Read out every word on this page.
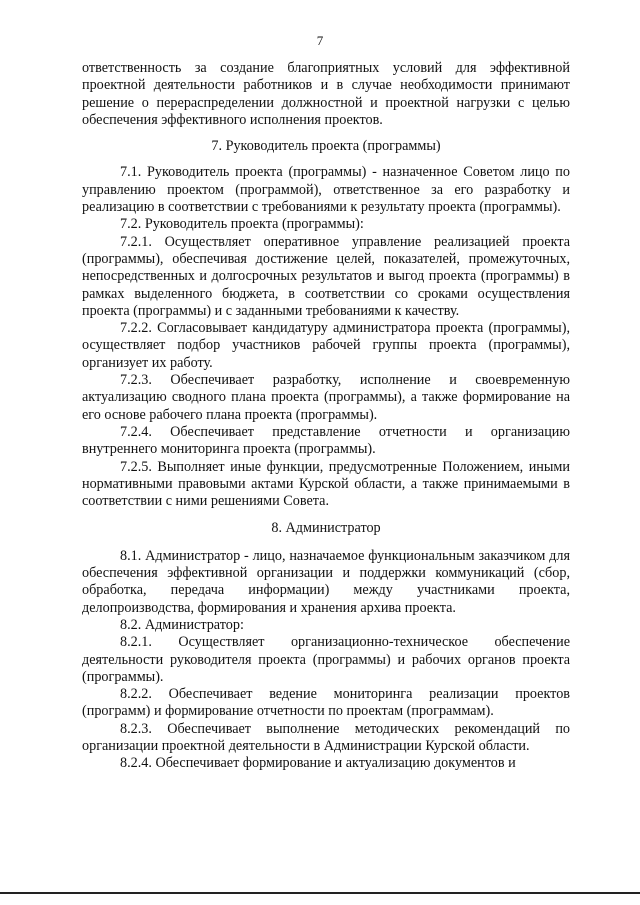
7

ответственность за создание благоприятных условий для эффективной проектной деятельности работников и в случае необходимости принимают решение о перераспределении должностной и проектной нагрузки с целью обеспечения эффективного исполнения проектов.

7. Руководитель проекта (программы)

7.1. Руководитель проекта (программы) - назначенное Советом лицо по управлению проектом (программой), ответственное за его разработку и реализацию в соответствии с требованиями к результату проекта (программы).

7.2. Руководитель проекта (программы):

7.2.1. Осуществляет оперативное управление реализацией проекта (программы), обеспечивая достижение целей, показателей, промежуточных, непосредственных и долгосрочных результатов и выгод проекта (программы) в рамках выделенного бюджета, в соответствии со сроками осуществления проекта (программы) и с заданными требованиями к качеству.

7.2.2. Согласовывает кандидатуру администратора проекта (программы), осуществляет подбор участников рабочей группы проекта (программы), организует их работу.

7.2.3. Обеспечивает разработку, исполнение и своевременную актуализацию сводного плана проекта (программы), а также формирование на его основе рабочего плана проекта (программы).

7.2.4. Обеспечивает представление отчетности и организацию внутреннего мониторинга проекта (программы).

7.2.5. Выполняет иные функции, предусмотренные Положением, иными нормативными правовыми актами Курской области, а также принимаемыми в соответствии с ними решениями Совета.

8. Администратор

8.1. Администратор - лицо, назначаемое функциональным заказчиком для обеспечения эффективной организации и поддержки коммуникаций (сбор, обработка, передача информации) между участниками проекта, делопроизводства, формирования и хранения архива проекта.

8.2. Администратор:

8.2.1. Осуществляет организационно-техническое обеспечение деятельности руководителя проекта (программы) и рабочих органов проекта (программы).

8.2.2. Обеспечивает ведение мониторинга реализации проектов (программ) и формирование отчетности по проектам (программам).

8.2.3. Обеспечивает выполнение методических рекомендаций по организации проектной деятельности в Администрации Курской области.

8.2.4. Обеспечивает формирование и актуализацию документов и
